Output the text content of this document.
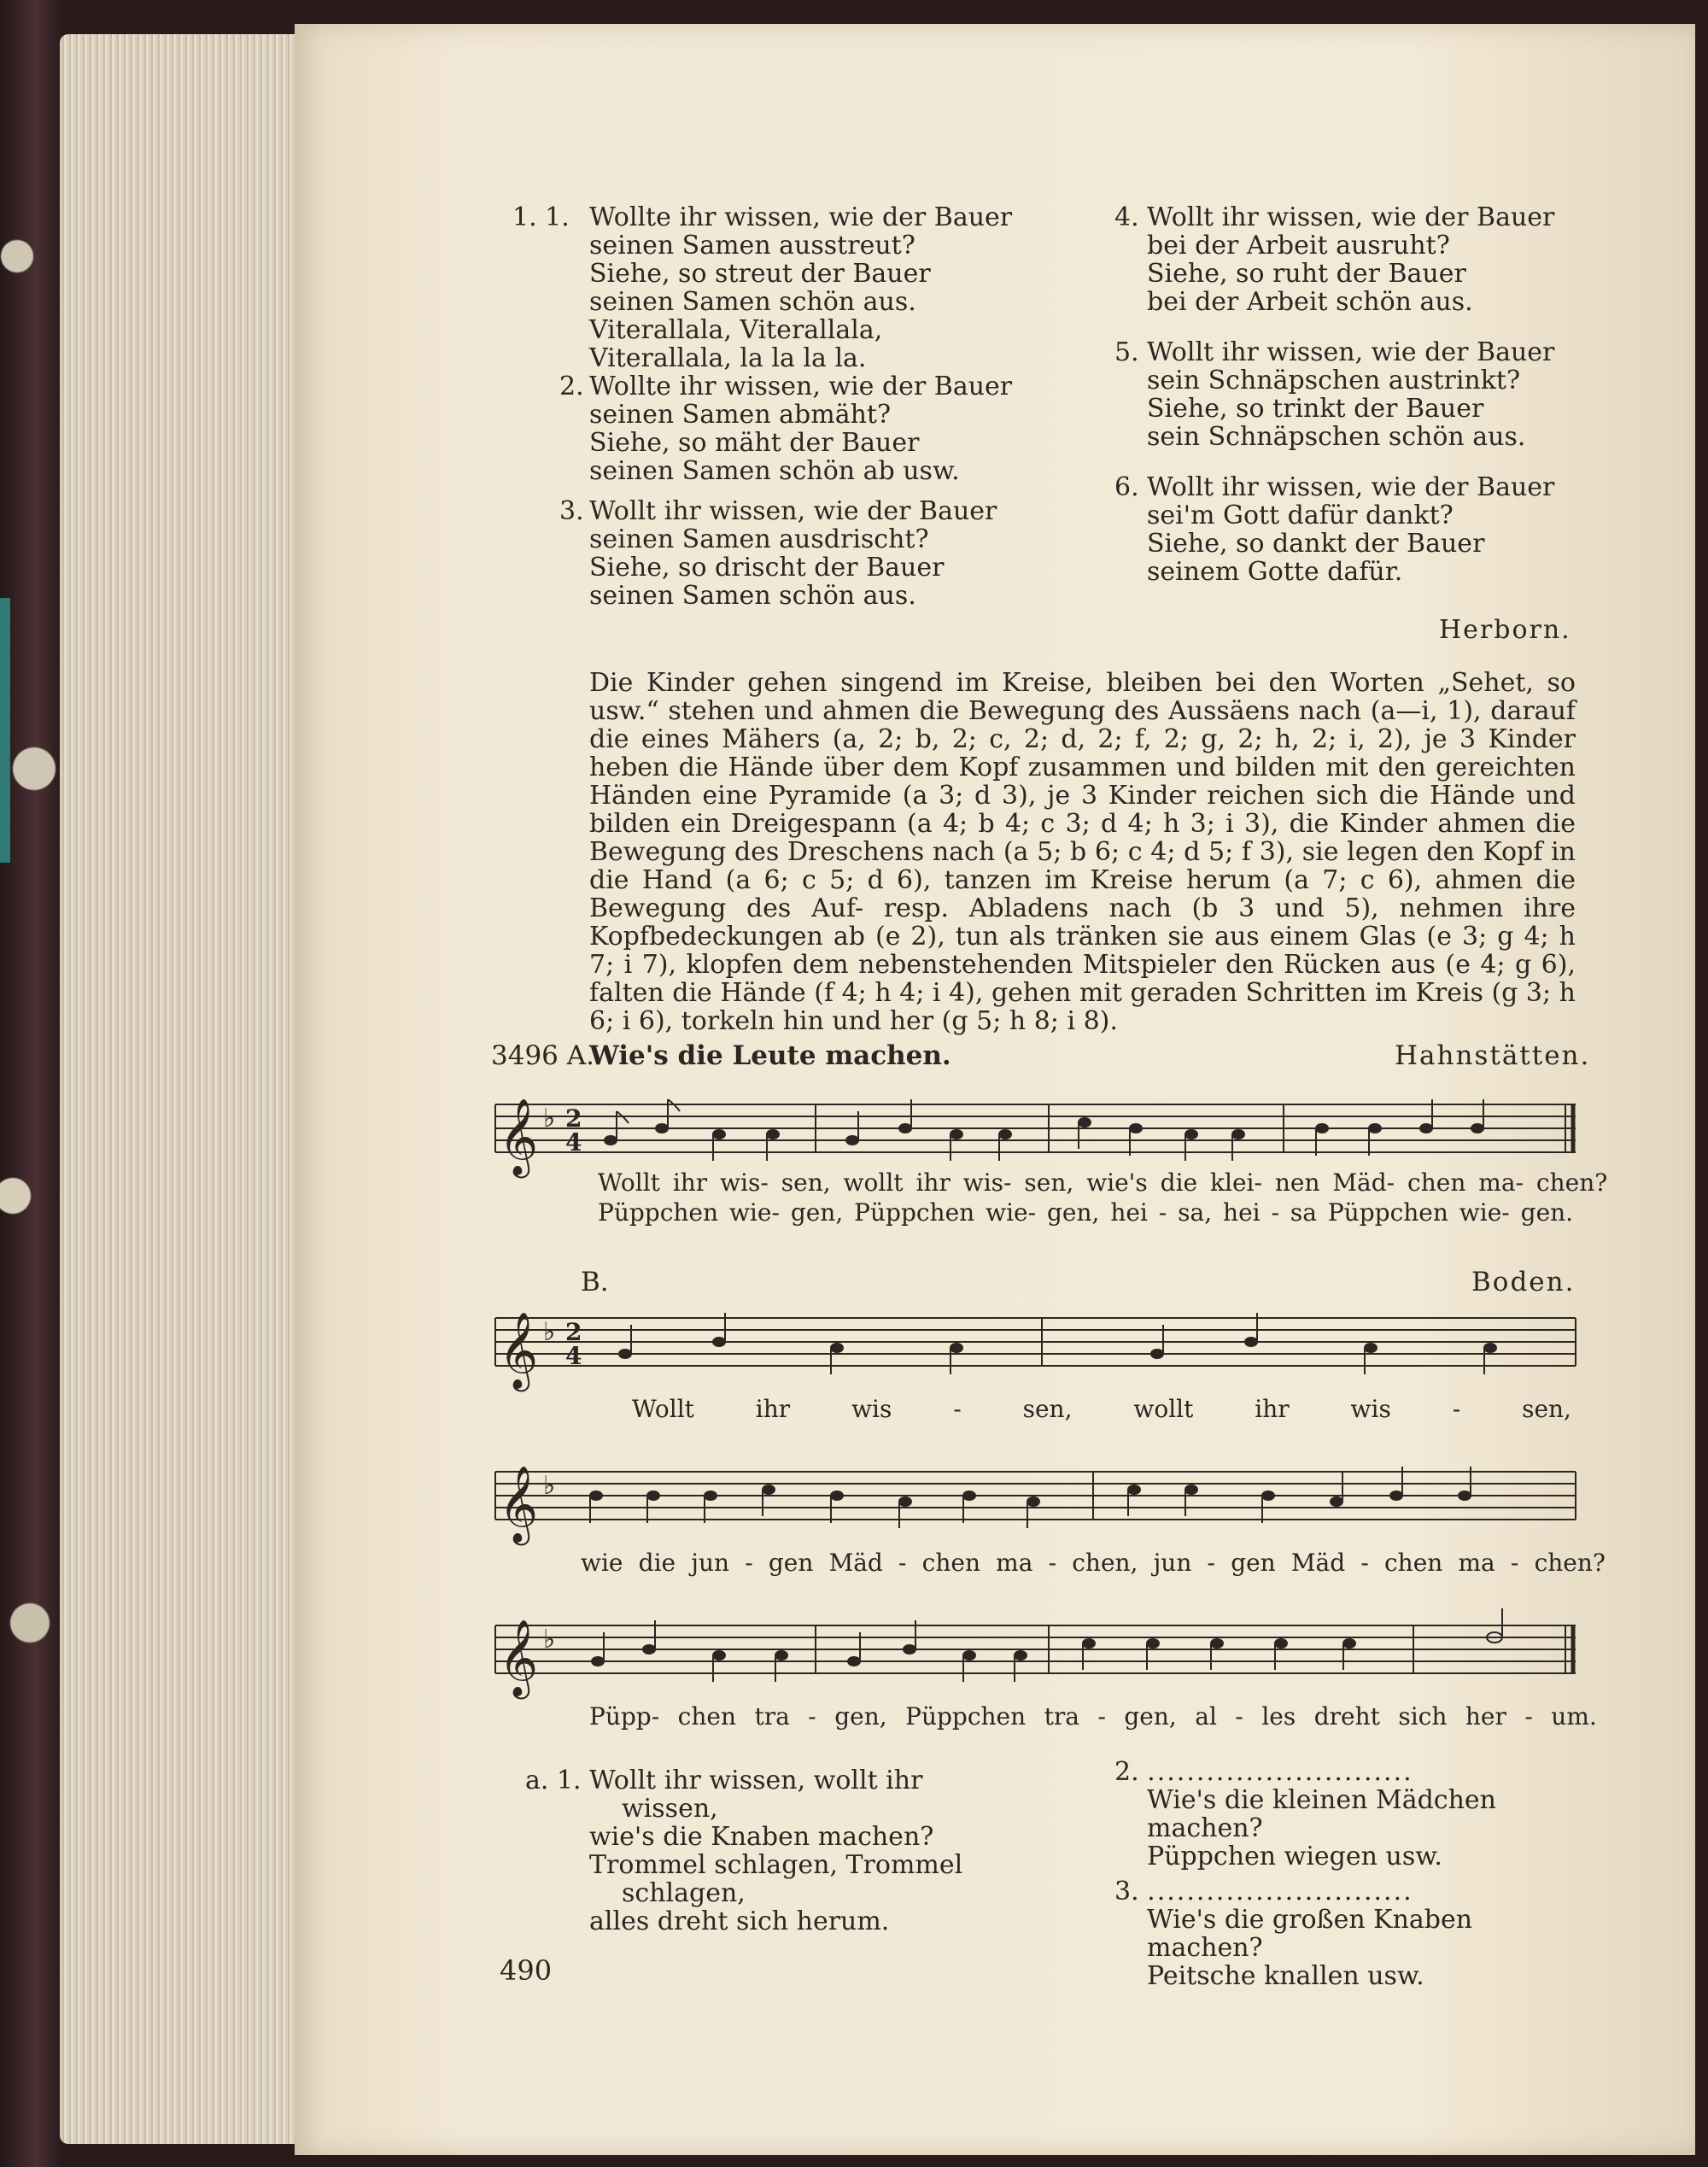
1. 1. Wollte ihr wissen, wie der Bauer
seinen Samen ausstreut?
Siehe, so streut der Bauer
seinen Samen schön aus.
Viterallala, Viterallala,
Viterallala, la la la la.
2. Wollte ihr wissen, wie der Bauer
seinen Samen abmäht?
Siehe, so mäht der Bauer
seinen Samen schön ab usw.
3. Wollt ihr wissen, wie der Bauer
seinen Samen ausdrischt?
Siehe, so drischt der Bauer
seinen Samen schön aus.
4. Wollt ihr wissen, wie der Bauer
bei der Arbeit ausruht?
Siehe, so ruht der Bauer
bei der Arbeit schön aus.
5. Wollt ihr wissen, wie der Bauer
sein Schnäpschen austrinkt?
Siehe, so trinkt der Bauer
sein Schnäpschen schön aus.
6. Wollt ihr wissen, wie der Bauer
sei'm Gott dafür dankt?
Siehe, so dankt der Bauer
seinem Gotte dafür.
Herborn.
Die Kinder gehen singend im Kreise, bleiben bei den Worten „Sehet, so usw.“ stehen und ahmen die Bewegung des Aussäens nach (a—i, 1), darauf die eines Mähers (a, 2; b, 2; c, 2; d, 2; f, 2; g, 2; h, 2; i, 2), je 3 Kinder heben die Hände über dem Kopf zusammen und bilden mit den gereichten Händen eine Pyramide (a 3; d 3), je 3 Kinder reichen sich die Hände und bilden ein Dreigespann (a 4; b 4; c 3; d 4; h 3; i 3), die Kinder ahmen die Bewegung des Dreschens nach (a 5; b 6; c 4; d 5; f 3), sie legen den Kopf in die Hand (a 6; c 5; d 6), tanzen im Kreise herum (a 7; c 6), ahmen die Bewegung des Auf- resp. Abladens nach (b 3 und 5), nehmen ihre Kopfbedeckungen ab (e 2), tun als tränken sie aus einem Glas (e 3; g 4; h 7; i 7), klopfen dem nebenstehenden Mitspieler den Rücken aus (e 4; g 6), falten die Hände (f 4; h 4; i 4), gehen mit geraden Schritten im Kreis (g 3; h 6; i 6), torkeln hin und her (g 5; h 8; i 8).
3496 A.
Wie's die Leute machen.	Hahnstätten.
𝄞 ♭ 2
4
Wollt ihr wis- sen, wollt ihr wis- sen, wie's die klei- nen Mäd- chen ma- chen?
Püppchen wie- gen, Püppchen wie- gen, hei - sa, hei - sa Püppchen wie- gen.
B.	Boden.
𝄞 ♭ 2
4
Wollt	ihr	wis	-	sen,	wollt	ihr	wis	-	sen,
𝄞 ♭
wie die jun - gen Mäd - chen ma - chen, jun - gen Mäd - chen ma - chen?
𝄞 ♭
Püpp- chen tra - gen, Püppchen tra - gen, al - les dreht sich her - um.
a. 1. Wollt ihr wissen, wollt ihr
wissen,
wie's die Knaben machen?
Trommel schlagen, Trommel
schlagen,
alles dreht sich herum.
2. ...........................
Wie's die kleinen Mädchen machen?
Püppchen wiegen usw.
3. ...........................
Wie's die großen Knaben machen?
Peitsche knallen usw.
490
